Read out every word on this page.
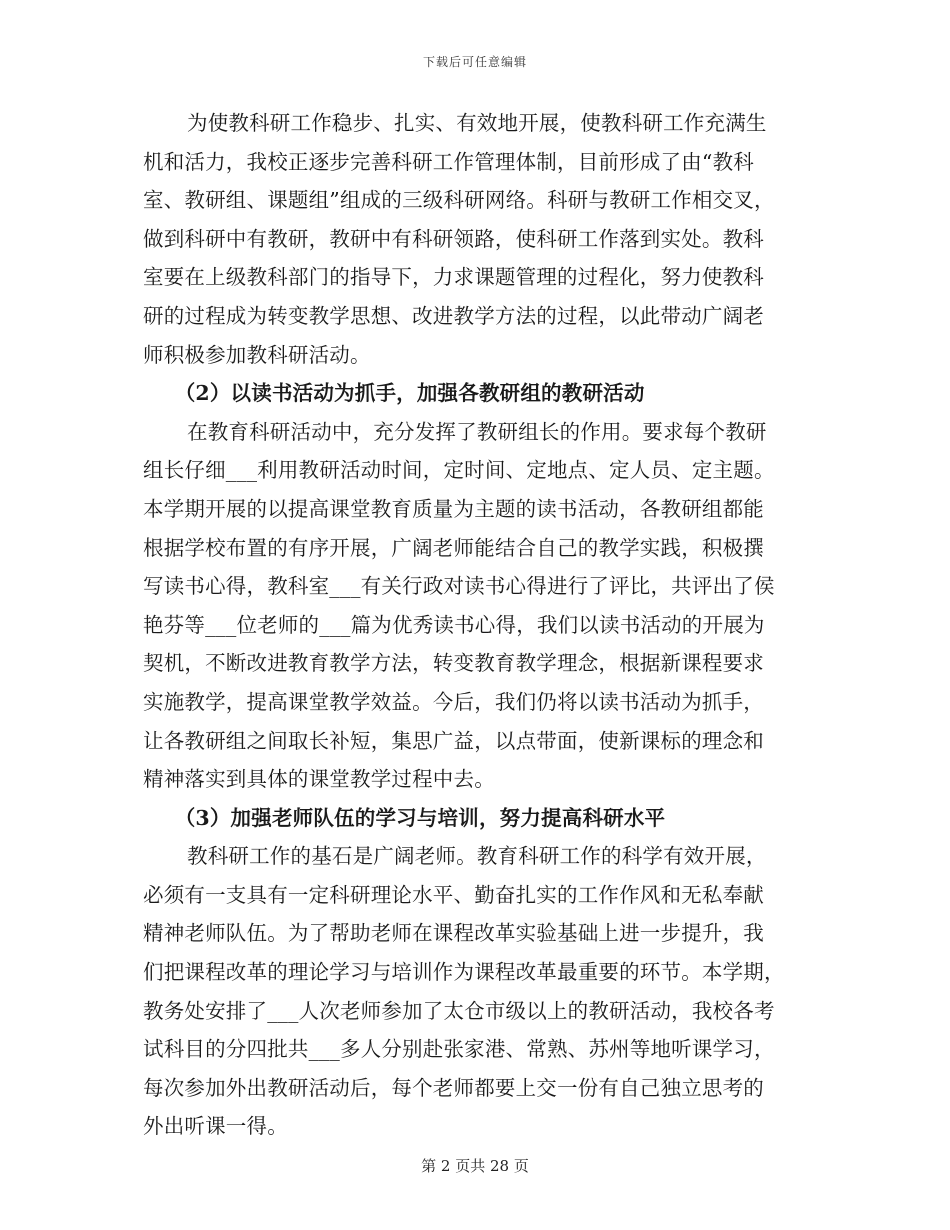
下载后可任意编辑
为使教科研工作稳步、扎实、有效地开展，使教科研工作充满生
机和活力，我校正逐步完善科研工作管理体制，目前形成了由“教科
室、教研组、课题组”组成的三级科研网络。科研与教研工作相交叉，
做到科研中有教研，教研中有科研领路，使科研工作落到实处。教科
室要在上级教科部门的指导下，力求课题管理的过程化，努力使教科
研的过程成为转变教学思想、改进教学方法的过程，以此带动广阔老
师积极参加教科研活动。
（2）以读书活动为抓手，加强各教研组的教研活动
在教育科研活动中，充分发挥了教研组长的作用。要求每个教研
组长仔细___利用教研活动时间，定时间、定地点、定人员、定主题。
本学期开展的以提高课堂教育质量为主题的读书活动，各教研组都能
根据学校布置的有序开展，广阔老师能结合自己的教学实践，积极撰
写读书心得，教科室___有关行政对读书心得进行了评比，共评出了侯
艳芬等___位老师的___篇为优秀读书心得，我们以读书活动的开展为
契机，不断改进教育教学方法，转变教育教学理念，根据新课程要求
实施教学，提高课堂教学效益。今后，我们仍将以读书活动为抓手，
让各教研组之间取长补短，集思广益，以点带面，使新课标的理念和
精神落实到具体的课堂教学过程中去。
（3）加强老师队伍的学习与培训，努力提高科研水平
教科研工作的基石是广阔老师。教育科研工作的科学有效开展，
必须有一支具有一定科研理论水平、勤奋扎实的工作作风和无私奉献
精神老师队伍。为了帮助老师在课程改革实验基础上进一步提升，我
们把课程改革的理论学习与培训作为课程改革最重要的环节。本学期，
教务处安排了___人次老师参加了太仓市级以上的教研活动，我校各考
试科目的分四批共___多人分别赴张家港、常熟、苏州等地听课学习，
每次参加外出教研活动后，每个老师都要上交一份有自己独立思考的
外出听课一得。
第 2 页共 28 页
